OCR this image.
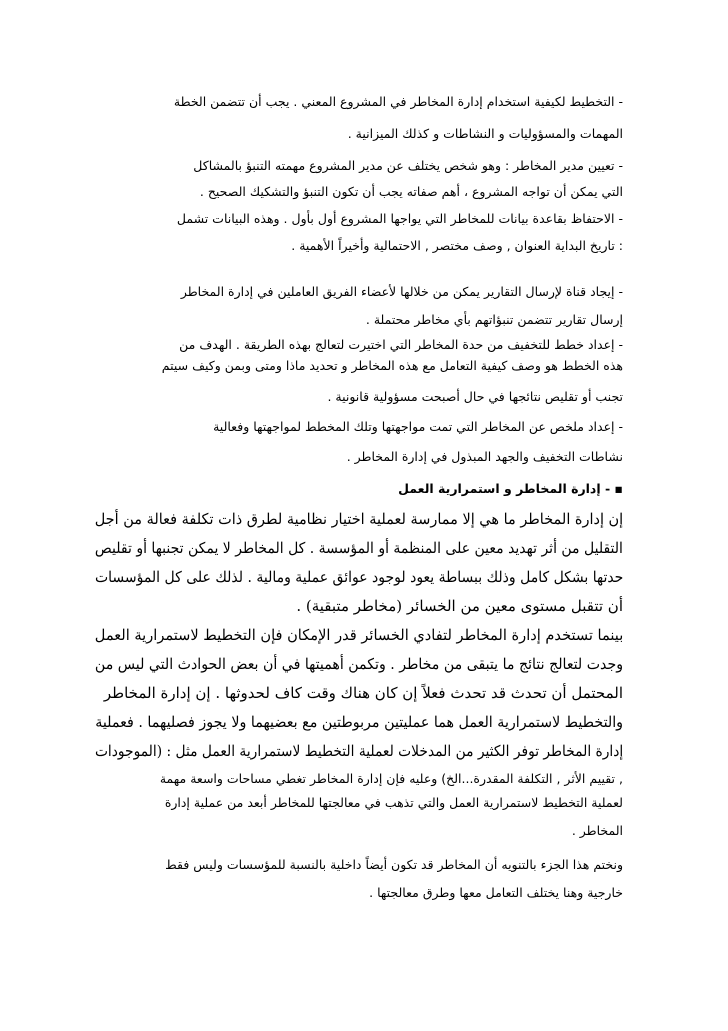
- التخطيط لكيفية استخدام إدارة المخاطر في المشروع المعني . يجب أن تتضمن الخطة
المهمات والمسؤوليات و النشاطات و كذلك الميزانية .
- تعيين مدير المخاطر : وهو شخص يختلف عن مدير المشروع مهمته التنبؤ بالمشاكل
التي يمكن أن تواجه المشروع ، أهم صفاته يجب أن تكون التنبؤ والتشكيك الصحيح .
- الاحتفاظ بقاعدة بيانات للمخاطر التي يواجها المشروع أول بأول . وهذه البيانات تشمل
: تاريخ البداية العنوان , وصف مختصر , الاحتمالية وأخيراً الأهمية .
- إيجاد قناة لإرسال التقارير يمكن من خلالها لأعضاء الفريق العاملين في إدارة المخاطر
إرسال تقارير تتضمن تنبؤاتهم بأي مخاطر محتملة .
- إعداد خطط للتخفيف من حدة المخاطر التي اختيرت لتعالج بهذه الطريقة . الهدف من
هذه الخطط هو وصف كيفية التعامل مع هذه المخاطر و تحديد ماذا ومتى وبمن وكيف سيتم
تجنب أو تقليص نتائجها في حال أصبحت مسؤولية قانونية .
- إعداد ملخص عن المخاطر التي تمت مواجهتها وتلك المخطط لمواجهتها وفعالية
نشاطات التخفيف والجهد المبذول في إدارة المخاطر .
▪ - إدارة المخاطر و استمرارية العمل
إن إدارة المخاطر ما هي إلا ممارسة لعملية اختيار نظامية لطرق ذات تكلفة فعالة من أجل
التقليل من أثر تهديد معين على المنظمة أو المؤسسة . كل المخاطر لا يمكن تجنبها أو تقليص
حدتها بشكل كامل وذلك ببساطة يعود لوجود عوائق عملية ومالية . لذلك على كل المؤسسات
أن تتقبل مستوى معين من الخسائر (مخاطر متبقية) .
بينما تستخدم إدارة المخاطر لتفادي الخسائر قدر الإمكان فإن التخطيط لاستمرارية العمل
وجدت لتعالج نتائج ما يتبقى من مخاطر . وتكمن أهميتها في أن بعض الحوادث التي ليس من
المحتمل أن تحدث قد تحدث فعلاً إن كان هناك وقت كاف لحدوثها . إن إدارة المخاطر
والتخطيط لاستمرارية العمل هما عمليتين مربوطتين مع بعضيهما ولا يجوز فصليهما . فعملية
إدارة المخاطر توفر الكثير من المدخلات لعملية التخطيط لاستمرارية العمل مثل : (الموجودات
, تقييم الأثر , التكلفة المقدرة...الخ) وعليه فإن إدارة المخاطر تغطي مساحات واسعة مهمة
لعملية التخطيط لاستمرارية العمل والتي تذهب في معالجتها للمخاطر أبعد من عملية إدارة
المخاطر .
ونختم هذا الجزء بالتنويه أن المخاطر قد تكون أيضاً داخلية بالنسبة للمؤسسات وليس فقط
خارجية وهنا يختلف التعامل معها وطرق معالجتها .
